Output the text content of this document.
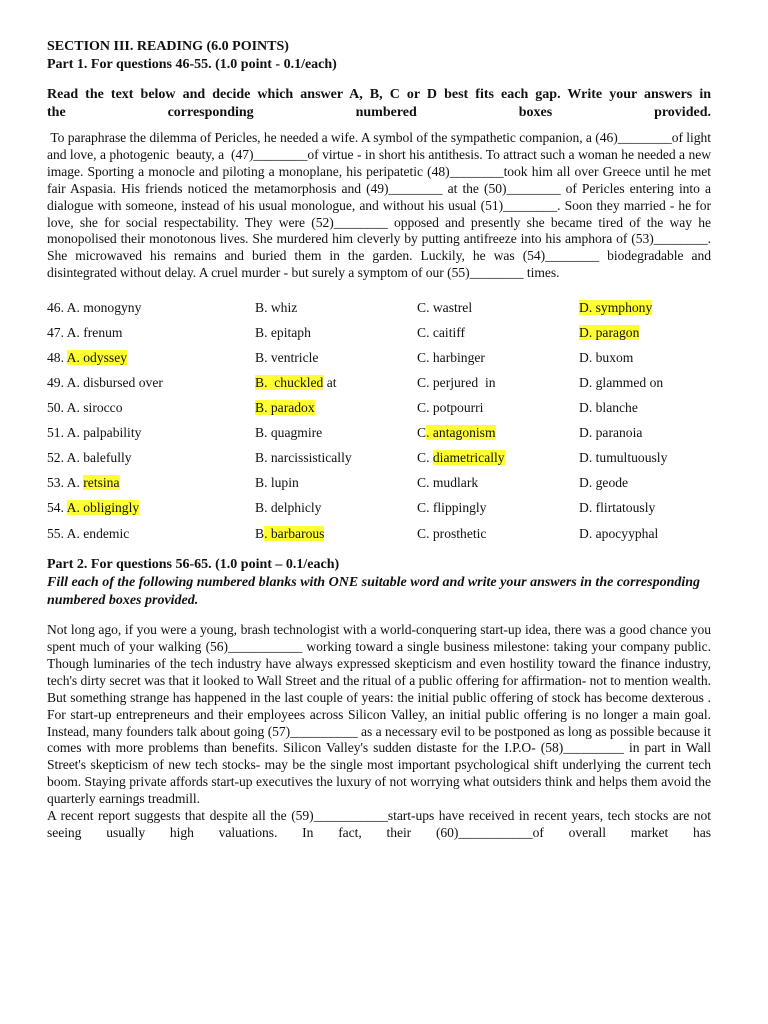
SECTION III. READING (6.0 POINTS)

Part 1. For questions 46-55. (1.0 point - 0.1/each)

Read the text below and decide which answer A, B, C or D best fits each gap. Write your answers in
the corresponding numbered boxes provided.

To paraphrase the dilemma of Pericles, he needed a wife. A symbol of the sympathetic companion, a (46)________of light and love, a photogenic  beauty, a  (47)________of virtue - in short his antithesis. To attract such a woman he needed a new image. Sporting a monocle and piloting a monoplane, his peripatetic (48)________took him all over Greece until he met fair Aspasia. His friends noticed the metamorphosis and (49)________ at the (50)________ of Pericles entering into a dialogue with someone, instead of his usual monologue, and without his usual (51)________. Soon they married - he for love, she for social respectability. They were (52)________ opposed and presently she became tired of the way he monopolised their monotonous lives. She murdered him cleverly by putting antifreeze into his amphora of (53)________. She microwaved his remains and buried them in the garden. Luckily, he was (54)________ biodegradable and disintegrated without delay. A cruel murder - but surely a symptom of our (55)________ times.

46. A. monogyny	B. whiz	C. wastrel	D. symphony
47. A. frenum	B. epitaph	C. caitiff	D. paragon
48. A. odyssey	B. ventricle	C. harbinger	D. buxom
49. A. disbursed over	B.  chuckled at	C. perjured  in	D. glammed on
50. A. sirocco	B. paradox	C. potpourri	D. blanche
51. A. palpability	B. quagmire	C. antagonism	D. paranoia
52. A. balefully	B. narcissistically	C. diametrically	D. tumultuously
53. A. retsina	B. lupin	C. mudlark	D. geode
54. A. obligingly	B. delphicly	C. flippingly	D. flirtatously
55. A. endemic	B. barbarous	C. prosthetic	D. apocyyphal

Part 2. For questions 56-65. (1.0 point – 0.1/each)

Fill each of the following numbered blanks with ONE suitable word and write your answers in the corresponding numbered boxes provided.

Not long ago, if you were a young, brash technologist with a world-conquering start-up idea, there was a good chance you spent much of your walking (56)___________ working toward a single business milestone: taking your company public. Though luminaries of the tech industry have always expressed skepticism and even hostility toward the finance industry, tech's dirty secret was that it looked to Wall Street and the ritual of a public offering for affirmation- not to mention wealth. But something strange has happened in the last couple of years: the initial public offering of stock has become dexterous . For start-up entrepreneurs and their employees across Silicon Valley, an initial public offering is no longer a main goal. Instead, many founders talk about going (57)__________ as a necessary evil to be postponed as long as possible because it comes with more problems than benefits. Silicon Valley's sudden distaste for the I.P.O- (58)_________ in part in Wall Street's skepticism of new tech stocks- may be the single most important psychological shift underlying the current tech boom. Staying private affords start-up executives the luxury of not worrying what outsiders think and helps them avoid the quarterly earnings treadmill.

A recent report suggests that despite all the (59)___________start-ups have received in recent years, tech stocks are not seeing usually high valuations. In fact, their (60)___________of overall market has
